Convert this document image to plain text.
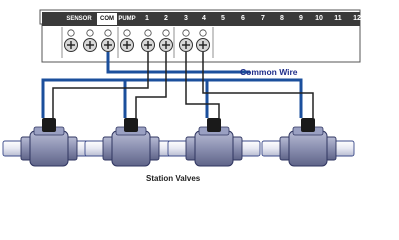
SENSOR	COM PUMP	1	2	3	4	5	6	7	8	9	10	11	12
Common Wire
Station Valves
